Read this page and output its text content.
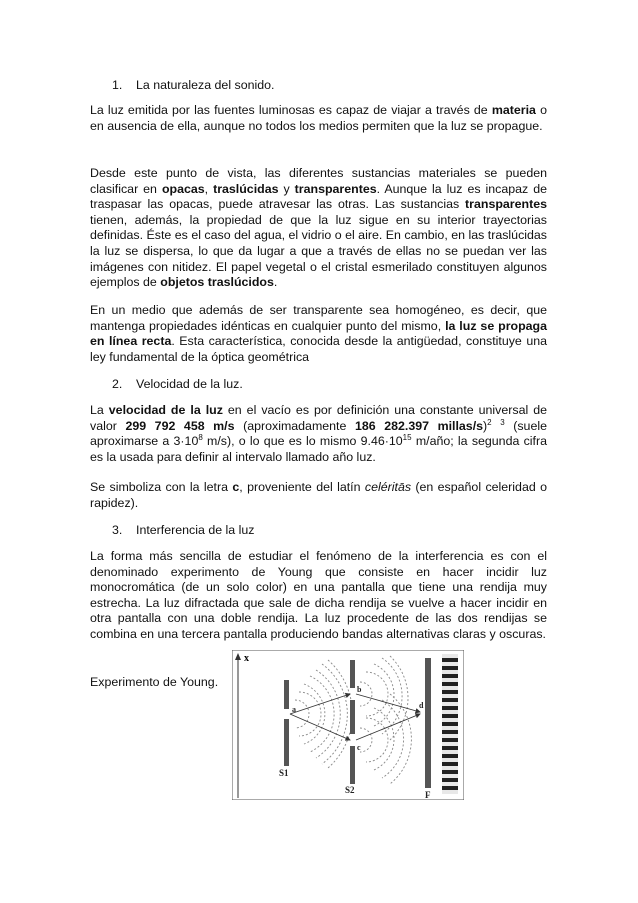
1. La naturaleza del sonido.

La luz emitida por las fuentes luminosas es capaz de viajar a través de materia o en ausencia de ella, aunque no todos los medios permiten que la luz se propague.

Desde este punto de vista, las diferentes sustancias materiales se pueden clasificar en opacas, traslúcidas y transparentes. Aunque la luz es incapaz de traspasar las opacas, puede atravesar las otras. Las sustancias transparentes tienen, además, la propiedad de que la luz sigue en su interior trayectorias definidas. Éste es el caso del agua, el vidrio o el aire. En cambio, en las traslúcidas la luz se dispersa, lo que da lugar a que a través de ellas no se puedan ver las imágenes con nitidez. El papel vegetal o el cristal esmerilado constituyen algunos ejemplos de objetos traslúcidos.

En un medio que además de ser transparente sea homogéneo, es decir, que mantenga propiedades idénticas en cualquier punto del mismo, la luz se propaga en línea recta. Esta característica, conocida desde la antigüedad, constituye una ley fundamental de la óptica geométrica

2. Velocidad de la luz.

La velocidad de la luz en el vacío es por definición una constante universal de valor 299 792 458 m/s (aproximadamente 186 282.397 millas/s)$^2$ $^3$ (suele aproximarse a $3\cdot 10^8$ m/s), o lo que es lo mismo $9.46\cdot 10^{15}$ m/año; la segunda cifra es la usada para definir al intervalo llamado año luz.

Se simboliza con la letra c, proveniente del latín celéritās (en español celeridad o rapidez).

3. Interferencia de la luz

La forma más sencilla de estudiar el fenómeno de la interferencia es con el denominado experimento de Young que consiste en hacer incidir luz monocromática (de un solo color) en una pantalla que tiene una rendija muy estrecha. La luz difractada que sale de dicha rendija se vuelve a hacer incidir en otra pantalla con una doble rendija. La luz procedente de las dos rendijas se combina en una tercera pantalla produciendo bandas alternativas claras y oscuras.

Experimento de Young.
x
a
b
c
d
S1
S2	F
